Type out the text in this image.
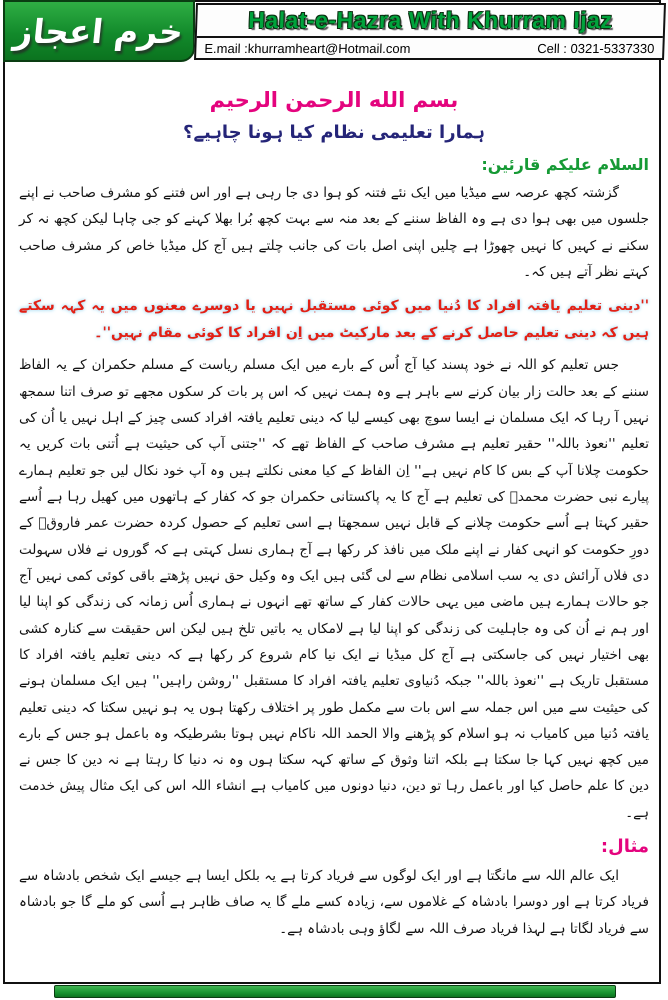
خرم اعجاز	Halat-e-Hazra With Khurram Ijaz
E.mail :khurramheart@Hotmail.com	Cell : 0321-5337330
بسم الله الرحمن الرحيم
ہمارا تعلیمی نظام کیا ہونا چاہیے؟
السلام علیکم قارئین:

گزشتہ کچھ عرصہ سے میڈیا میں ایک نئے فتنہ کو ہوا دی جا رہی ہے اور اس فتنے کو مشرف صاحب نے اپنے جلسوں میں بھی ہوا دی ہے وہ الفاظ سننے کے بعد منہ سے بہت کچھ بُرا بھلا کہنے کو جی چاہا لیکن کچھ نہ کر سکنے نے کہیں کا نہیں چھوڑا ہے چلیں اپنی اصل بات کی جانب چلتے ہیں آج کل میڈیا خاص کر مشرف صاحب کہتے نظر آتے ہیں کہ۔

''دینی تعلیم یافتہ افراد کا دُنیا میں کوئی مستقبل نہیں یا دوسرے معنوں میں یہ کہہ سکتے ہیں کہ دینی تعلیم حاصل کرنے کے بعد مارکیٹ میں اِن افراد کا کوئی مقام نہیں''۔

جس تعلیم کو اللہ نے خود پسند کیا آج اُس کے بارے میں ایک مسلم ریاست کے مسلم حکمران کے یہ الفاظ سننے کے بعد حالت زار بیان کرنے سے باہر ہے وہ ہمت نہیں کہ اس پر بات کر سکوں مجھے تو صرف اتنا سمجھ نہیں آ رہا کہ ایک مسلمان نے ایسا سوچ بھی کیسے لیا کہ دینی تعلیم یافتہ افراد کسی چیز کے اہل نہیں یا اُن کی تعلیم ''نعوذ باللہ'' حقیر تعلیم ہے مشرف صاحب کے الفاظ تھے کہ ''جتنی آپ کی حیثیت ہے اُتنی بات کریں یہ حکومت چلانا آپ کے بس کا کام نہیں ہے'' اِن الفاظ کے کیا معنی نکلتے ہیں وہ آپ خود نکال لیں جو تعلیم ہمارے پیارے نبی حضرت محمدﷺ کی تعلیم ہے آج کا یہ پاکستانی حکمران جو کہ کفار کے ہاتھوں میں کھیل رہا ہے اُسے حقیر کہتا ہے اُسے حکومت چلانے کے قابل نہیں سمجھتا ہے اسی تعلیم کے حصول کردہ حضرت عمر فاروقؓ کے دورِ حکومت کو انہی کفار نے اپنے ملک میں نافذ کر رکھا ہے آج ہماری نسل کہتی ہے کہ گوروں نے فلاں سہولت دی فلاں آرائش دی یہ سب اسلامی نظام سے لی گئی ہیں ایک وہ وکیل حق نہیں پڑھتے باقی کوئی کمی نہیں آج جو حالات ہمارے ہیں ماضی میں یہی حالات کفار کے ساتھ تھے انہوں نے ہماری اُس زمانہ کی زندگی کو اپنا لیا اور ہم نے اُن کی وہ جاہلیت کی زندگی کو اپنا لیا ہے لامکاں یہ باتیں تلخ ہیں لیکن اس حقیقت سے کنارہ کشی بھی اختیار نہیں کی جاسکتی ہے آج کل میڈیا نے ایک نیا کام شروع کر رکھا ہے کہ دینی تعلیم یافتہ افراد کا مستقبل تاریک ہے ''نعوذ باللہ'' جبکہ دُنیاوی تعلیم یافتہ افراد کا مستقبل ''روشن راہیں'' ہیں ایک مسلمان ہونے کی حیثیت سے میں اس جملہ سے اس بات سے مکمل طور پر اختلاف رکھتا ہوں یہ ہو نہیں سکتا کہ دینی تعلیم یافتہ دُنیا میں کامیاب نہ ہو اسلام کو پڑھنے والا الحمد اللہ ناکام نہیں ہوتا بشرطیکہ وہ باعمل ہو جس کے بارے میں کچھ نہیں کہا جا سکتا ہے بلکہ اتنا وثوق کے ساتھ کہہ سکتا ہوں وہ نہ دنیا کا رہتا ہے نہ دین کا جس نے دین کا علم حاصل کیا اور باعمل رہا تو دین، دنیا دونوں میں کامیاب ہے انشاء اللہ اس کی ایک مثال پیش خدمت ہے۔

مثال:

ایک عالم اللہ سے مانگتا ہے اور ایک لوگوں سے فریاد کرتا ہے یہ بلکل ایسا ہے جیسے ایک شخص بادشاہ سے فریاد کرتا ہے اور دوسرا بادشاہ کے غلاموں سے، زیادہ کسے ملے گا یہ صاف ظاہر ہے اُسی کو ملے گا جو بادشاہ سے فریاد لگاتا ہے لہذا فریاد صرف اللہ سے لگاؤ وہی بادشاہ ہے۔
